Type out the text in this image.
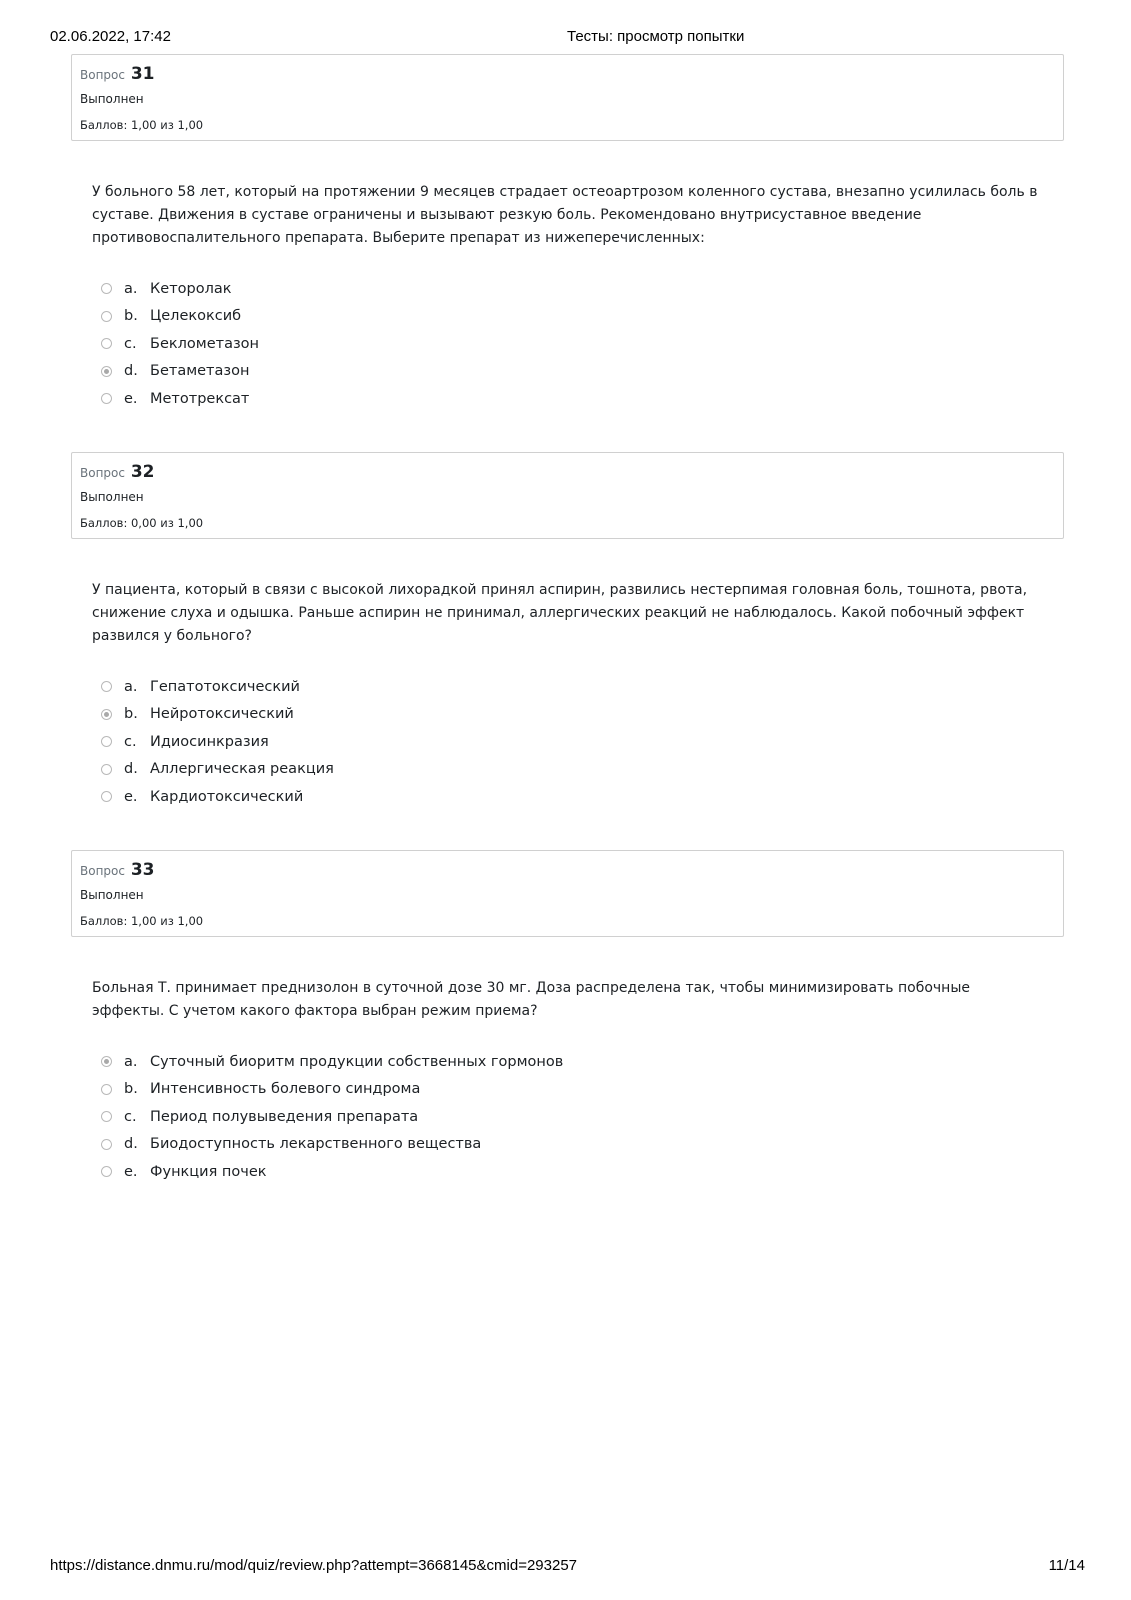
02.06.2022, 17:42	Тесты: просмотр попытки
Вопрос 31
Выполнен
Баллов: 1,00 из 1,00
У больного 58 лет, который на протяжении 9 месяцев страдает остеоартрозом коленного сустава, внезапно усилилась боль в суставе. Движения в суставе ограничены и вызывают резкую боль. Рекомендовано внутрисуставное введение противовоспалительного препарата. Выберите препарат из нижеперечисленных:
a. Кеторолак
b. Целекоксиб
c. Беклометазон
d. Бетаметазон
e. Метотрексат
Вопрос 32
Выполнен
Баллов: 0,00 из 1,00
У пациента, который в связи с высокой лихорадкой принял аспирин, развились нестерпимая головная боль, тошнота, рвота, снижение слуха и одышка. Раньше аспирин не принимал, аллергических реакций не наблюдалось. Какой побочный эффект развился у больного?
a. Гепатотоксический
b. Нейротоксический
c. Идиосинкразия
d. Аллергическая реакция
e. Кардиотоксический
Вопрос 33
Выполнен
Баллов: 1,00 из 1,00
Больная Т. принимает преднизолон в суточной дозе 30 мг. Доза распределена так, чтобы минимизировать побочные эффекты. С учетом какого фактора выбран режим приема?
a. Суточный биоритм продукции собственных гормонов
b. Интенсивность болевого синдрома
c. Период полувыведения препарата
d. Биодоступность лекарственного вещества
e. Функция почек
https://distance.dnmu.ru/mod/quiz/review.php?attempt=3668145&cmid=293257	11/14
